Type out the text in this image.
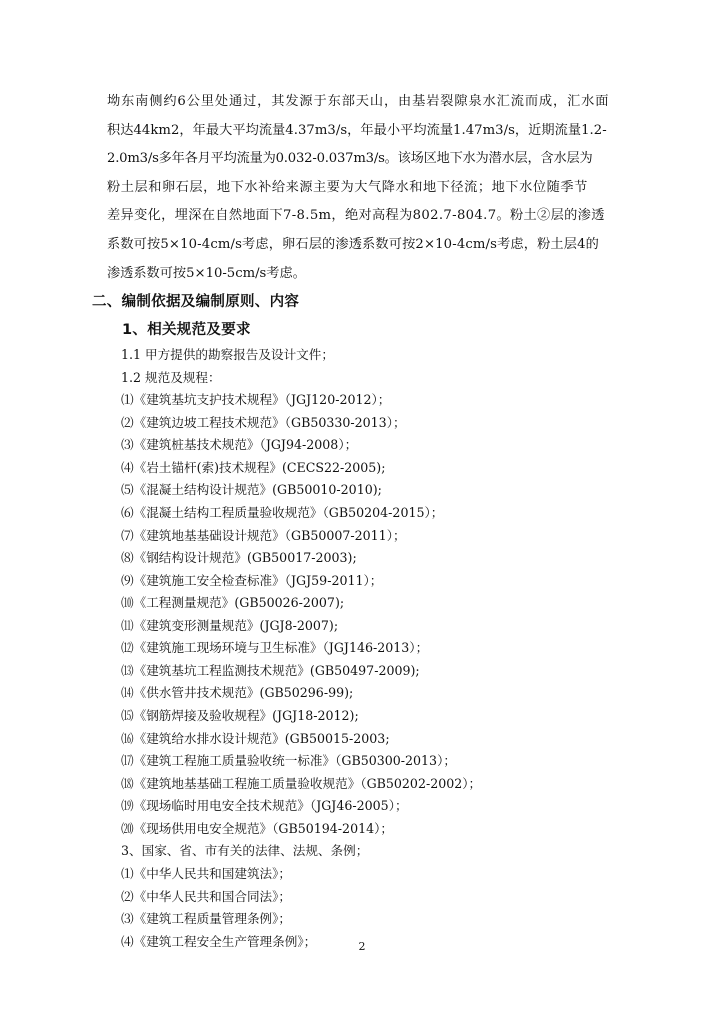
坳东南侧约6公里处通过，其发源于东部天山，由基岩裂隙泉水汇流而成，汇水面
积达44km2，年最大平均流量4.37m3/s，年最小平均流量1.47m3/s，近期流量1.2-
2.0m3/s多年各月平均流量为0.032-0.037m3/s。该场区地下水为潜水层，含水层为
粉土层和卵石层，地下水补给来源主要为大气降水和地下径流；地下水位随季节
差异变化，埋深在自然地面下7-8.5m，绝对高程为802.7-804.7。粉土②层的渗透
系数可按5×10-4cm/s考虑，卵石层的渗透系数可按2×10-4cm/s考虑，粉土层4的
渗透系数可按5×10-5cm/s考虑。
二、编制依据及编制原则、内容
1、相关规范及要求
1.1 甲方提供的勘察报告及设计文件；
1.2 规范及规程：
⑴《建筑基坑支护技术规程》（JGJ120-2012）；
⑵《建筑边坡工程技术规范》（GB50330-2013）；
⑶《建筑桩基技术规范》（JGJ94-2008）；
⑷《岩土锚杆(索)技术规程》(CECS22-2005);
⑸《混凝土结构设计规范》(GB50010-2010);
⑹《混凝土结构工程质量验收规范》（GB50204-2015）；
⑺《建筑地基基础设计规范》（GB50007-2011）；
⑻《钢结构设计规范》(GB50017-2003);
⑼《建筑施工安全检查标准》（JGJ59-2011）；
⑽《工程测量规范》(GB50026-2007);
⑾《建筑变形测量规范》(JGJ8-2007);
⑿《建筑施工现场环境与卫生标准》（JGJ146-2013）；
⒀《建筑基坑工程监测技术规范》(GB50497-2009);
⒁《供水管井技术规范》(GB50296-99);
⒂《钢筋焊接及验收规程》(JGJ18-2012);
⒃《建筑给水排水设计规范》(GB50015-2003;
⒄《建筑工程施工质量验收统一标准》（GB50300-2013）；
⒅《建筑地基基础工程施工质量验收规范》（GB50202-2002）；
⒆《现场临时用电安全技术规范》（JGJ46-2005）；
⒇《现场供用电安全规范》（GB50194-2014）；
3、国家、省、市有关的法律、法规、条例；
⑴《中华人民共和国建筑法》；
⑵《中华人民共和国合同法》；
⑶《建筑工程质量管理条例》；
⑷《建筑工程安全生产管理条例》；	2
